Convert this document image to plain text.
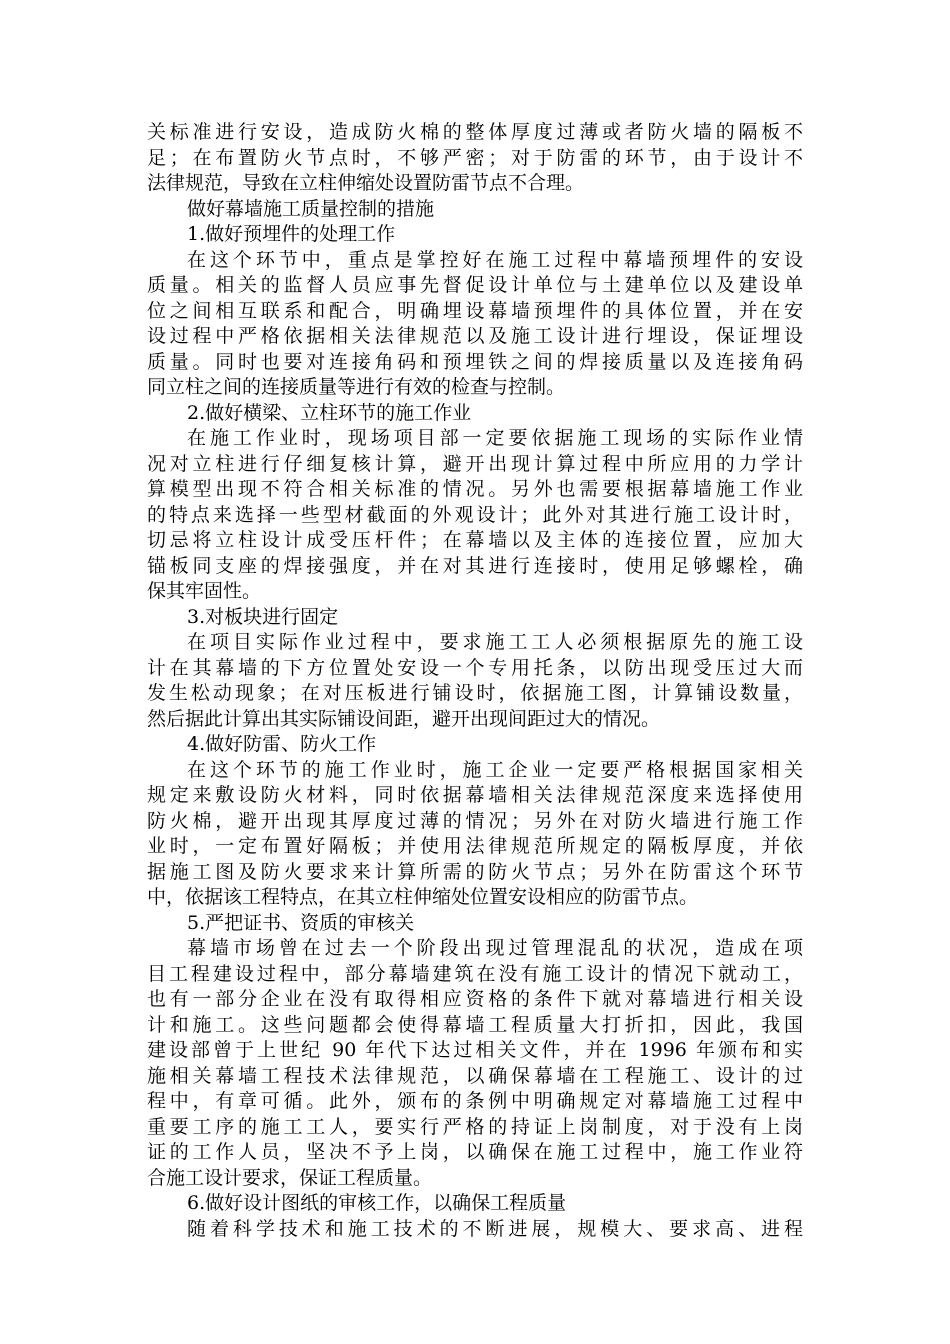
关标准进行安设，造成防火棉的整体厚度过薄或者防火墙的隔板不
足；在布置防火节点时，不够严密；对于防雷的环节，由于设计不
法律规范，导致在立柱伸缩处设置防雷节点不合理。
做好幕墙施工质量控制的措施
1.做好预埋件的处理工作
在这个环节中，重点是掌控好在施工过程中幕墙预埋件的安设
质量。相关的监督人员应事先督促设计单位与土建单位以及建设单
位之间相互联系和配合，明确埋设幕墙预埋件的具体位置，并在安
设过程中严格依据相关法律规范以及施工设计进行埋设，保证埋设
质量。同时也要对连接角码和预埋铁之间的焊接质量以及连接角码
同立柱之间的连接质量等进行有效的检查与控制。
2.做好横梁、立柱环节的施工作业
在施工作业时，现场项目部一定要依据施工现场的实际作业情
况对立柱进行仔细复核计算，避开出现计算过程中所应用的力学计
算模型出现不符合相关标准的情况。另外也需要根据幕墙施工作业
的特点来选择一些型材截面的外观设计；此外对其进行施工设计时，
切忌将立柱设计成受压杆件；在幕墙以及主体的连接位置，应加大
锚板同支座的焊接强度，并在对其进行连接时，使用足够螺栓，确
保其牢固性。
3.对板块进行固定
在项目实际作业过程中，要求施工工人必须根据原先的施工设
计在其幕墙的下方位置处安设一个专用托条，以防出现受压过大而
发生松动现象；在对压板进行铺设时，依据施工图，计算铺设数量，
然后据此计算出其实际铺设间距，避开出现间距过大的情况。
4.做好防雷、防火工作
在这个环节的施工作业时，施工企业一定要严格根据国家相关
规定来敷设防火材料，同时依据幕墙相关法律规范深度来选择使用
防火棉，避开出现其厚度过薄的情况；另外在对防火墙进行施工作
业时，一定布置好隔板；并使用法律规范所规定的隔板厚度，并依
据施工图及防火要求来计算所需的防火节点；另外在防雷这个环节
中，依据该工程特点，在其立柱伸缩处位置安设相应的防雷节点。
5.严把证书、资质的审核关
幕墙市场曾在过去一个阶段出现过管理混乱的状况，造成在项
目工程建设过程中，部分幕墙建筑在没有施工设计的情况下就动工，
也有一部分企业在没有取得相应资格的条件下就对幕墙进行相关设
计和施工。这些问题都会使得幕墙工程质量大打折扣，因此，我国
建设部曾于上世纪 90 年代下达过相关文件，并在 1996 年颁布和实
施相关幕墙工程技术法律规范，以确保幕墙在工程施工、设计的过
程中，有章可循。此外，颁布的条例中明确规定对幕墙施工过程中
重要工序的施工工人，要实行严格的持证上岗制度，对于没有上岗
证的工作人员，坚决不予上岗，以确保在施工过程中，施工作业符
合施工设计要求，保证工程质量。
6.做好设计图纸的审核工作，以确保工程质量
随着科学技术和施工技术的不断进展，规模大、要求高、进程
